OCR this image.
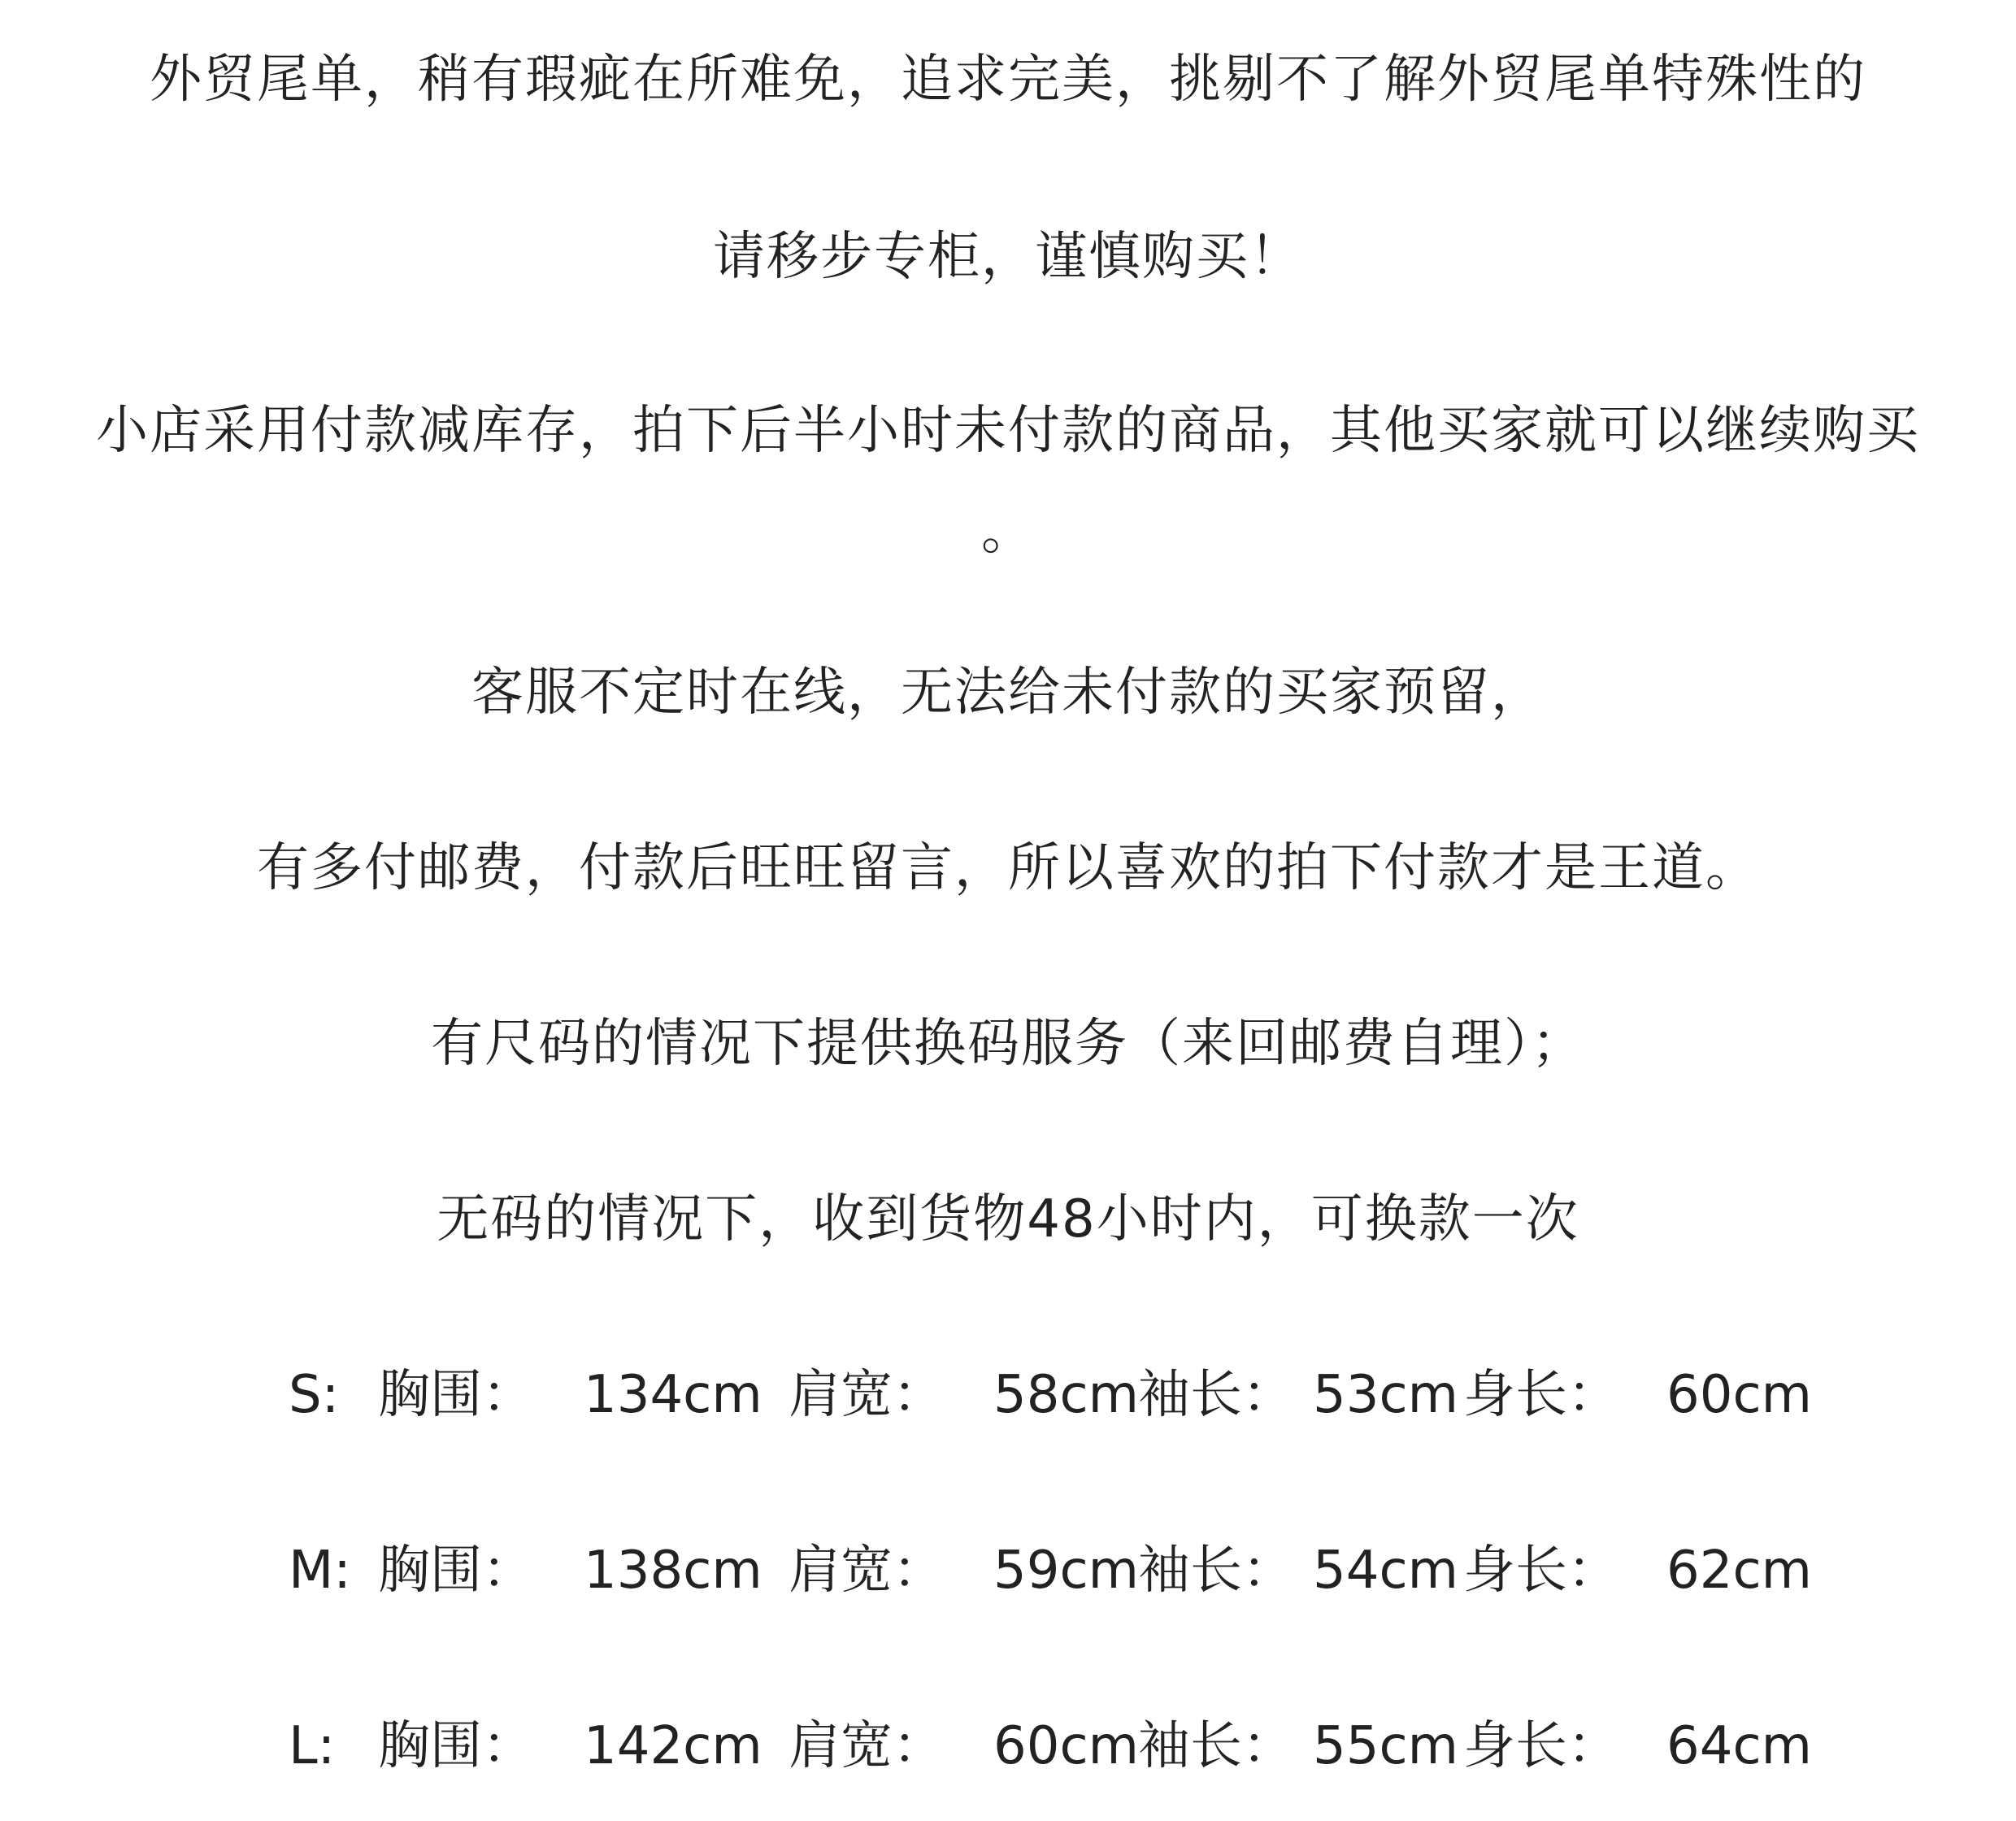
外贸尾单，稍有瑕疵在所难免，追求完美，挑剔不了解外贸尾单特殊性的
请移步专柜，谨慎购买！
小店采用付款减库存，拍下后半小时未付款的商品，其他买家就可以继续购买
。
客服不定时在线，无法给未付款的买家预留，
有多付邮费，付款后旺旺留言，所以喜欢的拍下付款才是王道。
有尺码的情况下提供换码服务（来回邮费自理）；
无码的情况下，收到货物48小时内，可换款一次
S: 胸围： 134cm 肩宽： 58cm 袖长： 53cm 身长： 60cm
M: 胸围： 138cm 肩宽： 59cm 袖长： 54cm 身长： 62cm
L: 胸围： 142cm 肩宽： 60cm 袖长： 55cm 身长： 64cm
